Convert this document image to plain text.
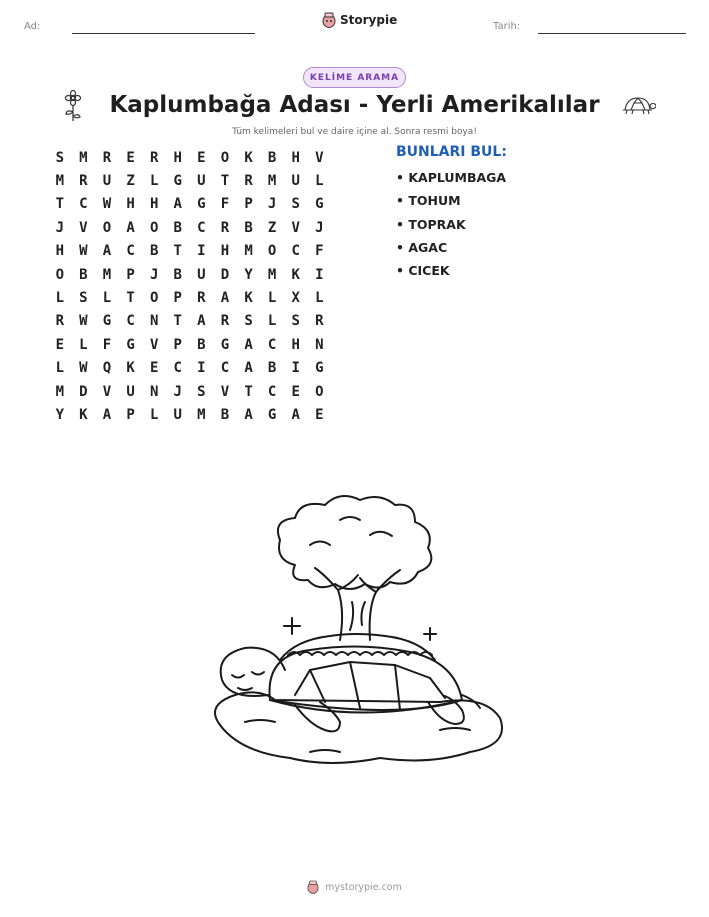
Ad:	Storypie	Tarih:
KELİME ARAMA
Kaplumbağa Adası - Yerli Amerikalılar
Tüm kelimeleri bul ve daire içine al. Sonra resmi boya!
S	M	R	E	R	H	E	O	K	B	H	V
M	R	U	Z	L	G	U	T	R	M	U	L
T	C	W	H	H	A	G	F	P	J	S	G
J	V	O	A	O	B	C	R	B	Z	V	J
H	W	A	C	B	T	I	H	M	O	C	F
O	B	M	P	J	B	U	D	Y	M	K	I
L	S	L	T	O	P	R	A	K	L	X	L
R	W	G	C	N	T	A	R	S	L	S	R
E	L	F	G	V	P	B	G	A	C	H	N
L	W	Q	K	E	C	I	C	A	B	I	G
M	D	V	U	N	J	S	V	T	C	E	O
Y	K	A	P	L	U	M	B	A	G	A	E
BUNLARI BUL:
• KAPLUMBAGA
• TOHUM
• TOPRAK
• AGAC
• CICEK
mystorypie.com
